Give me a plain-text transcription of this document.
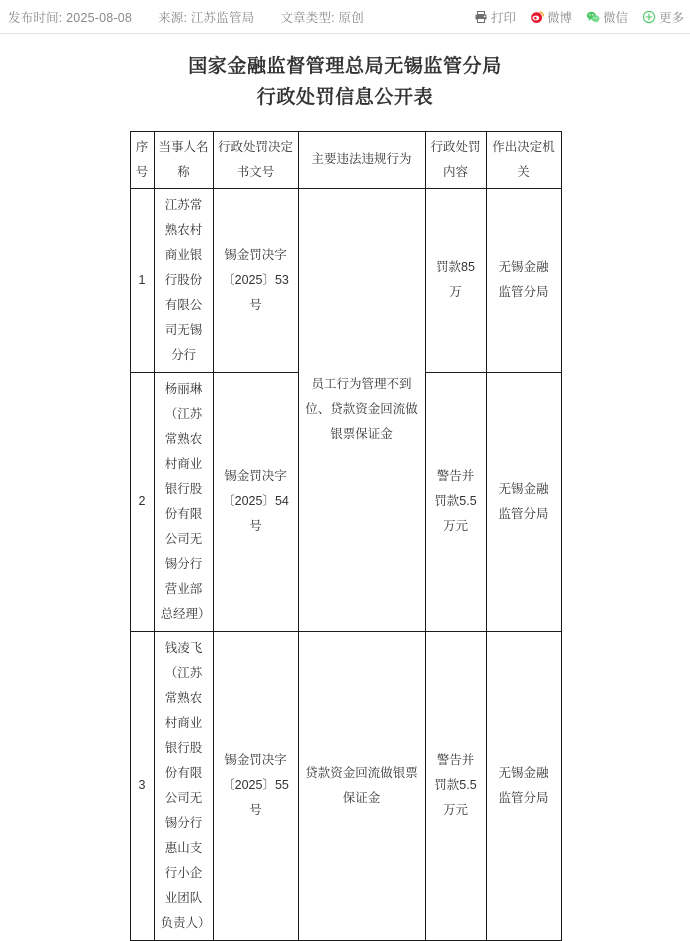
发布时间: 2025-08-08 来源: 江苏监管局 文章类型: 原创	打印 微博 微信 更多
国家金融监督管理总局无锡监管分局
行政处罚信息公开表
序号	当事人名称	行政处罚决定书文号	主要违法违规行为	行政处罚内容	作出决定机关
1	江苏常熟农村商业银行股份有限公司无锡分行	锡金罚决字〔2025〕53号	员工行为管理不到位、贷款资金回流做银票保证金	罚款85万	无锡金融监管分局
2	杨丽琳（江苏常熟农村商业银行股份有限公司无锡分行营业部总经理）	锡金罚决字〔2025〕54号		警告并罚款5.5万元	无锡金融监管分局
3	钱凌飞（江苏常熟农村商业银行股份有限公司无锡分行惠山支行小企业团队负责人）	锡金罚决字〔2025〕55号	贷款资金回流做银票保证金	警告并罚款5.5万元	无锡金融监管分局
